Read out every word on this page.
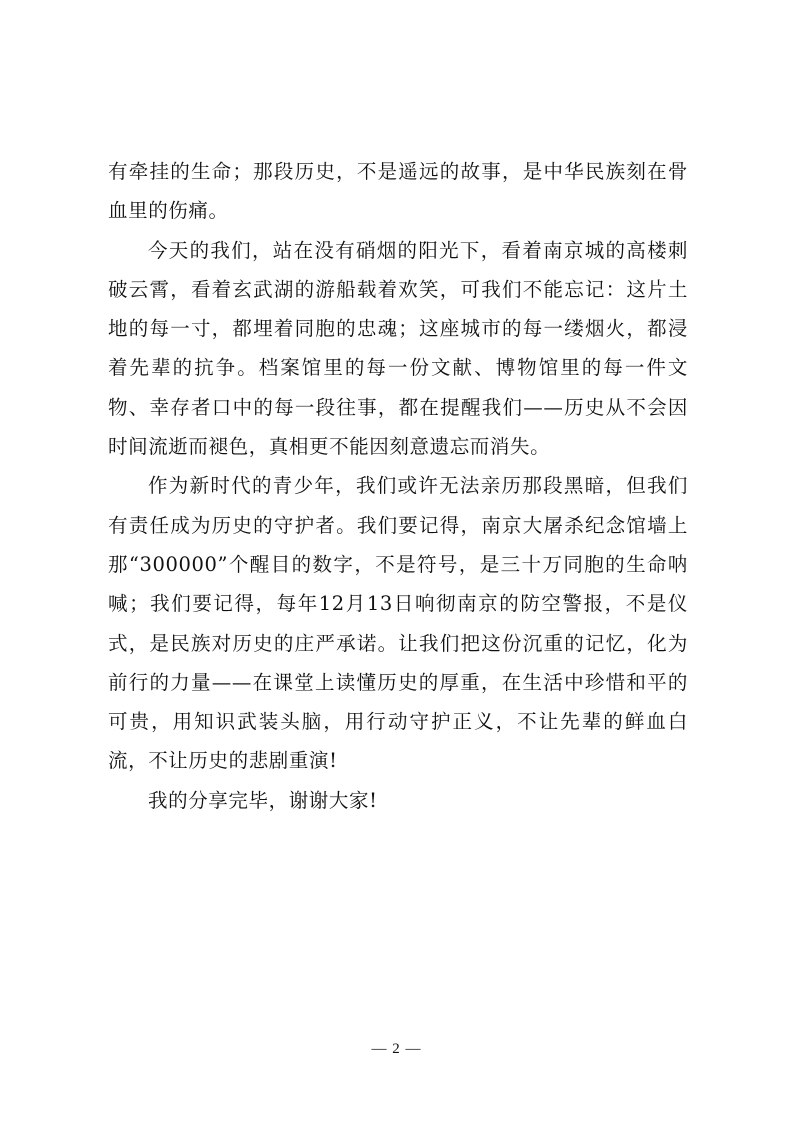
有牵挂的生命；那段历史，不是遥远的故事，是中华民族刻在骨血里的伤痛。

今天的我们，站在没有硝烟的阳光下，看着南京城的高楼刺破云霄，看着玄武湖的游船载着欢笑，可我们不能忘记：这片土地的每一寸，都埋着同胞的忠魂；这座城市的每一缕烟火，都浸着先辈的抗争。档案馆里的每一份文献、博物馆里的每一件文物、幸存者口中的每一段往事，都在提醒我们——历史从不会因时间流逝而褪色，真相更不能因刻意遗忘而消失。

作为新时代的青少年，我们或许无法亲历那段黑暗，但我们有责任成为历史的守护者。我们要记得，南京大屠杀纪念馆墙上那“300000”个醒目的数字，不是符号，是三十万同胞的生命呐喊；我们要记得，每年12月13日响彻南京的防空警报，不是仪式，是民族对历史的庄严承诺。让我们把这份沉重的记忆，化为前行的力量——在课堂上读懂历史的厚重，在生活中珍惜和平的可贵，用知识武装头脑，用行动守护正义，不让先辈的鲜血白流，不让历史的悲剧重演!

我的分享完毕，谢谢大家!

— 2 —
